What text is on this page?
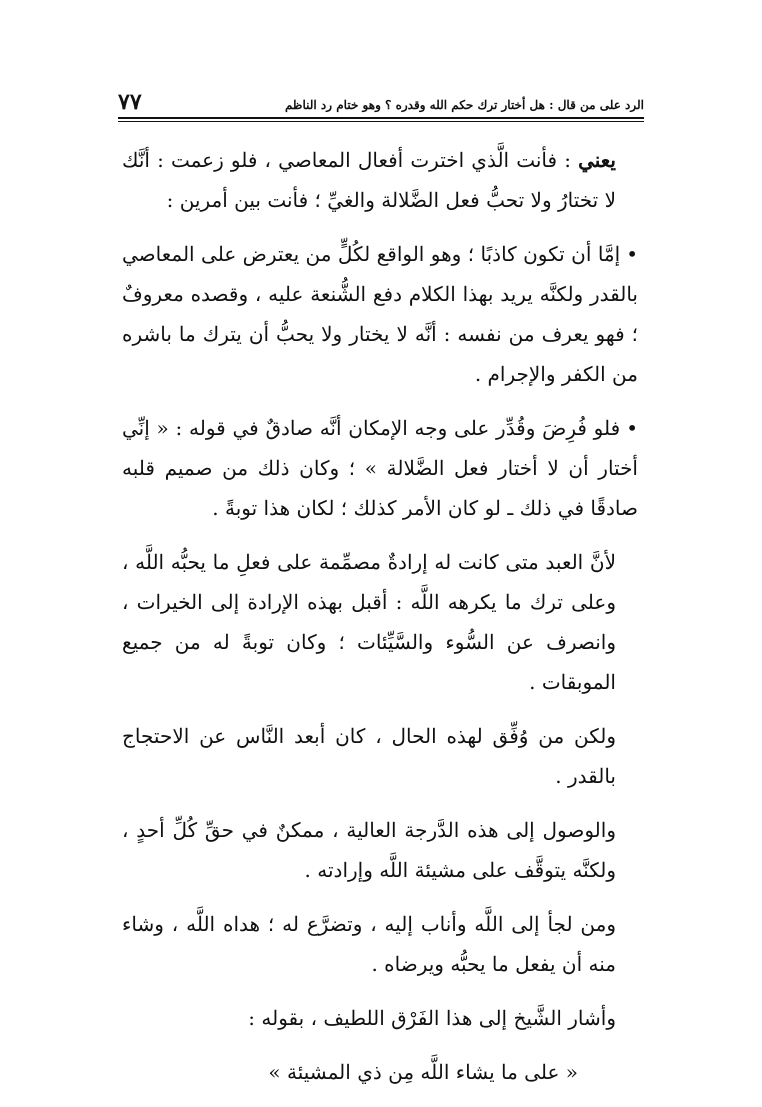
٧٧	الرد على من قال : هل أختار ترك حكم الله وقدره ؟ وهو ختام رد الناظم

يعني : فأنت الَّذي اخترت أفعال المعاصي ، فلو زعمت : أنَّك لا تختارُ ولا تحبُّ فعل الضَّلالة والغيِّ ؛ فأنت بين أمرين :

• إمَّا أن تكون كاذبًا ؛ وهو الواقع لكُلٍّ من يعترض على المعاصي بالقدر ولكنَّه يريد بهذا الكلام دفع الشُّنعة عليه ، وقصده معروفٌ ؛ فهو يعرف من نفسه : أنَّه لا يختار ولا يحبُّ أن يترك ما باشره من الكفر والإجرام .

• فلو فُرِضَ وقُدِّر على وجه الإمكان أنَّه صادقٌ في قوله : « إنِّي أختار أن لا أختار فعل الضَّلالة » ؛ وكان ذلك من صميم قلبه صادقًا في ذلك ـ لو كان الأمر كذلك ؛ لكان هذا توبةً .

لأنَّ العبد متى كانت له إرادةٌ مصمِّمة على فعلِ ما يحبُّه اللَّه ، وعلى ترك ما يكرهه اللَّه : أقبل بهذه الإرادة إلى الخيرات ، وانصرف عن السُّوء والسَّيِّئات ؛ وكان توبةً له من جميع الموبقات .

ولكن من وُفِّق لهذه الحال ، كان أبعد النَّاس عن الاحتجاج بالقدر .

والوصول إلى هذه الدَّرجة العالية ، ممكنٌ في حقِّ كُلِّ أحدٍ ، ولكنَّه يتوقَّف على مشيئة اللَّه وإرادته .

ومن لجأ إلى اللَّه وأناب إليه ، وتضرَّع له ؛ هداه اللَّه ، وشاء منه أن يفعل ما يحبُّه ويرضاه .

وأشار الشَّيخ إلى هذا الفَرْق اللطيف ، بقوله :

« على ما يشاء اللَّه مِن ذي المشيئة »
